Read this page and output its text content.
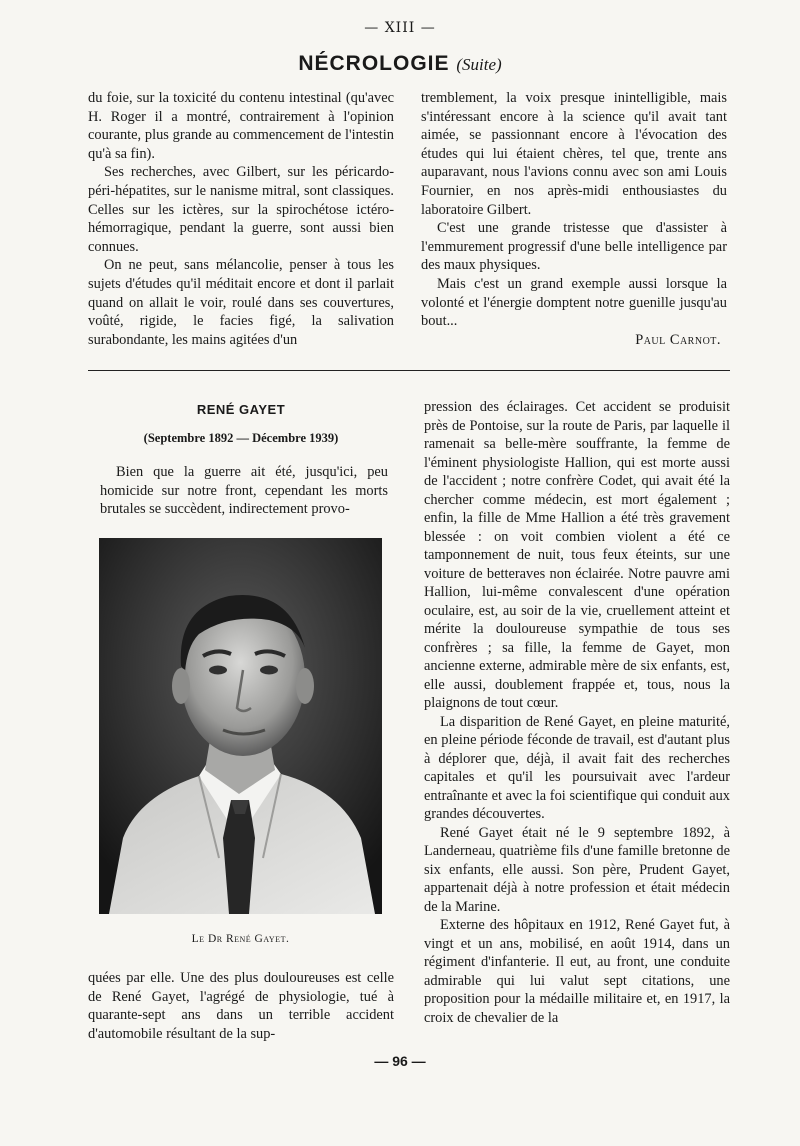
— XIII —
NÉCROLOGIE (Suite)

du foie, sur la toxicité du contenu intestinal (qu'avec H. Roger il a montré, contrairement à l'opinion courante, plus grande au commencement de l'intestin qu'à sa fin).

Ses recherches, avec Gilbert, sur les péricardo-péri-hépatites, sur le nanisme mitral, sont classiques. Celles sur les ictères, sur la spirochétose ictéro-hémorragique, pendant la guerre, sont aussi bien connues.

On ne peut, sans mélancolie, penser à tous les sujets d'études qu'il méditait encore et dont il parlait quand on allait le voir, roulé dans ses couvertures, voûté, rigide, le facies figé, la salivation surabondante, les mains agitées d'un

tremblement, la voix presque inintelligible, mais s'intéressant encore à la science qu'il avait tant aimée, se passionnant encore à l'évocation des études qui lui étaient chères, tel que, trente ans auparavant, nous l'avions connu avec son ami Louis Fournier, en nos après-midi enthousiastes du laboratoire Gilbert.

C'est une grande tristesse que d'assister à l'emmurement progressif d'une belle intelligence par des maux physiques.

Mais c'est un grand exemple aussi lorsque la volonté et l'énergie domptent notre guenille jusqu'au bout...

Paul Carnot.

RENÉ GAYET
(Septembre 1892 — Décembre 1939)

Bien que la guerre ait été, jusqu'ici, peu homicide sur notre front, cependant les morts brutales se succèdent, indirectement provo-

Le Dr René Gayet.

quées par elle. Une des plus douloureuses est celle de René Gayet, l'agrégé de physiologie, tué à quarante-sept ans dans un terrible accident d'automobile résultant de la sup-

pression des éclairages. Cet accident se produisit près de Pontoise, sur la route de Paris, par laquelle il ramenait sa belle-mère souffrante, la femme de l'éminent physiologiste Hallion, qui est morte aussi de l'accident ; notre confrère Codet, qui avait été la chercher comme médecin, est mort également ; enfin, la fille de Mme Hallion a été très gravement blessée : on voit combien violent a été ce tamponnement de nuit, tous feux éteints, sur une voiture de betteraves non éclairée. Notre pauvre ami Hallion, lui-même convalescent d'une opération oculaire, est, au soir de la vie, cruellement atteint et mérite la douloureuse sympathie de tous ses confrères ; sa fille, la femme de Gayet, mon ancienne externe, admirable mère de six enfants, est, elle aussi, doublement frappée et, tous, nous la plaignons de tout cœur.

La disparition de René Gayet, en pleine maturité, en pleine période féconde de travail, est d'autant plus à déplorer que, déjà, il avait fait des recherches capitales et qu'il les poursuivait avec l'ardeur entraînante et avec la foi scientifique qui conduit aux grandes découvertes.

René Gayet était né le 9 septembre 1892, à Landerneau, quatrième fils d'une famille bretonne de six enfants, elle aussi. Son père, Prudent Gayet, appartenait déjà à notre profession et était médecin de la Marine.

Externe des hôpitaux en 1912, René Gayet fut, à vingt et un ans, mobilisé, en août 1914, dans un régiment d'infanterie. Il eut, au front, une conduite admirable qui lui valut sept citations, une proposition pour la médaille militaire et, en 1917, la croix de chevalier de la

— 96 —
